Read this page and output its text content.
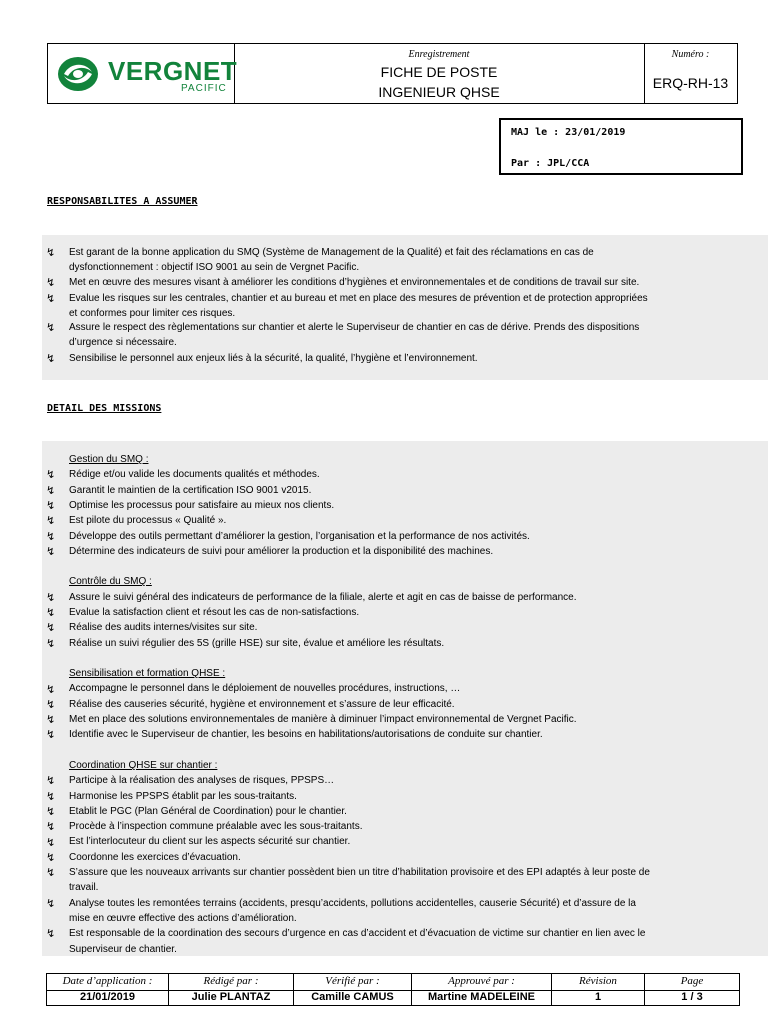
VERGNET
PACIFIC
Enregistrement
FICHE DE POSTE
INGENIEUR QHSE
Numéro :
ERQ-RH-13
MAJ le : 23/01/2019
Par : JPL/CCA
RESPONSABILITES A ASSUMER
↯	Est garant de la bonne application du SMQ (Système de Management de la Qualité) et fait des réclamations en cas de
dysfonctionnement : objectif ISO 9001 au sein de Vergnet Pacific.
↯	Met en œuvre des mesures visant à améliorer les conditions d’hygiènes et environnementales et de conditions de travail sur site.
↯	Evalue les risques sur les centrales, chantier et au bureau et met en place des mesures de prévention et de protection appropriées
et conformes pour limiter ces risques.
↯	Assure le respect des règlementations sur chantier et alerte le Superviseur de chantier en cas de dérive. Prends des dispositions
d’urgence si nécessaire.
↯	Sensibilise le personnel aux enjeux liés à la sécurité, la qualité, l’hygiène et l’environnement.
DETAIL DES MISSIONS
Gestion du SMQ :
↯	Rédige et/ou valide les documents qualités et méthodes.
↯	Garantit le maintien de la certification ISO 9001 v2015.
↯	Optimise les processus pour satisfaire au mieux nos clients.
↯	Est pilote du processus « Qualité ».
↯	Développe des outils permettant d’améliorer la gestion, l’organisation et la performance de nos activités.
↯	Détermine des indicateurs de suivi pour améliorer la production et la disponibilité des machines.
Contrôle du SMQ :
↯	Assure le suivi général des indicateurs de performance de la filiale, alerte et agit en cas de baisse de performance.
↯	Evalue la satisfaction client et résout les cas de non-satisfactions.
↯	Réalise des audits internes/visites sur site.
↯	Réalise un suivi régulier des 5S (grille HSE) sur site, évalue et améliore les résultats.
Sensibilisation et formation QHSE :
↯	Accompagne le personnel dans le déploiement de nouvelles procédures, instructions, …
↯	Réalise des causeries sécurité, hygiène et environnement et s’assure de leur efficacité.
↯	Met en place des solutions environnementales de manière à diminuer l’impact environnemental de Vergnet Pacific.
↯	Identifie avec le Superviseur de chantier, les besoins en habilitations/autorisations de conduite sur chantier.
Coordination QHSE sur chantier :
↯	Participe à la réalisation des analyses de risques, PPSPS…
↯	Harmonise les PPSPS établit par les sous-traitants.
↯	Etablit le PGC (Plan Général de Coordination) pour le chantier.
↯	Procède à l’inspection commune préalable avec les sous-traitants.
↯	Est l’interlocuteur du client sur les aspects sécurité sur chantier.
↯	Coordonne les exercices d’évacuation.
↯	S’assure que les nouveaux arrivants sur chantier possèdent bien un titre d’habilitation provisoire et des EPI adaptés à leur poste de
travail.
↯	Analyse toutes les remontées terrains (accidents, presqu’accidents, pollutions accidentelles, causerie Sécurité) et d’assure de la
mise en œuvre effective des actions d’amélioration.
↯	Est responsable de la coordination des secours d’urgence en cas d’accident et d’évacuation de victime sur chantier en lien avec le
Superviseur de chantier.
Date d’application :
21/01/2019
Rédigé par :
Julie PLANTAZ
Vérifié par :
Camille CAMUS
Approuvé par :
Martine MADELEINE
Révision
1
Page
1 / 3
